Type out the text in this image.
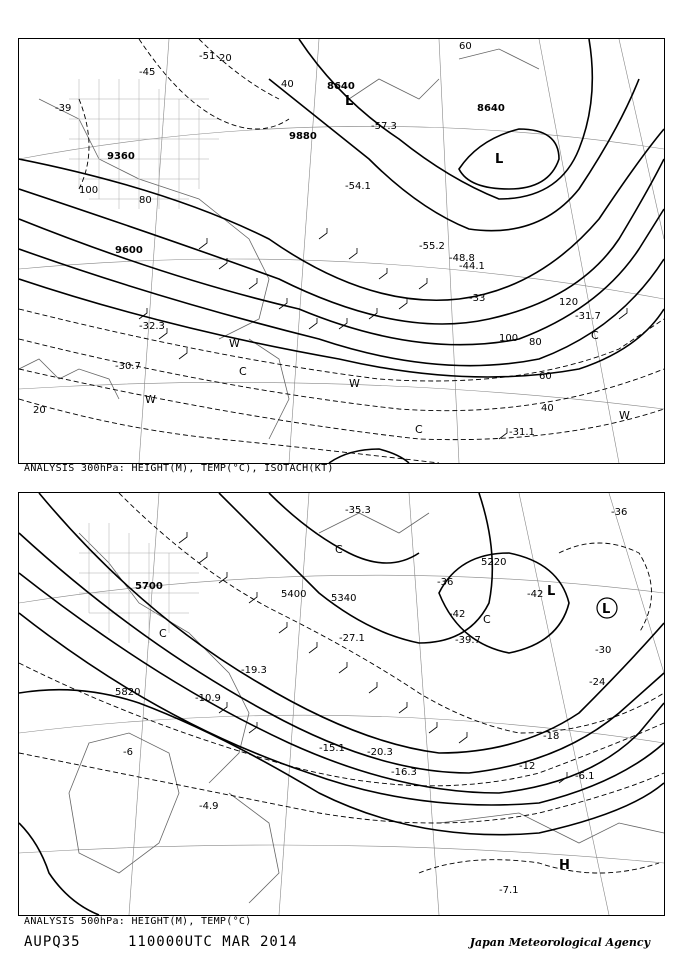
9360
9600
9880
8640
8640
20
40
60
80
100
120
100 80
60
40
20
-45
-51
-54.1
-57.3
-55.2
-48.8
-44.1
-39
-33
-31.7
-32.3
-30.7
-31.1
L
L
W
W
W
W
C
C
C
ANALYSIS 300hPa: HEIGHT(M), TEMP(°C), ISOTACH(KT)
5700
5820
5340
5220
5400
-36
-42
-30
-24
-18
-12
-6
-36
-42
-39.7
-35.3
-27.1
-19.3
-15.1
-10.9
-16.3
-20.3
-7.1
-4.9
-6.1
L
L
H
C
C
C
ANALYSIS 500hPa: HEIGHT(M), TEMP(°C)
AUPQ35	110000UTC MAR 2014	Japan Meteorological Agency
